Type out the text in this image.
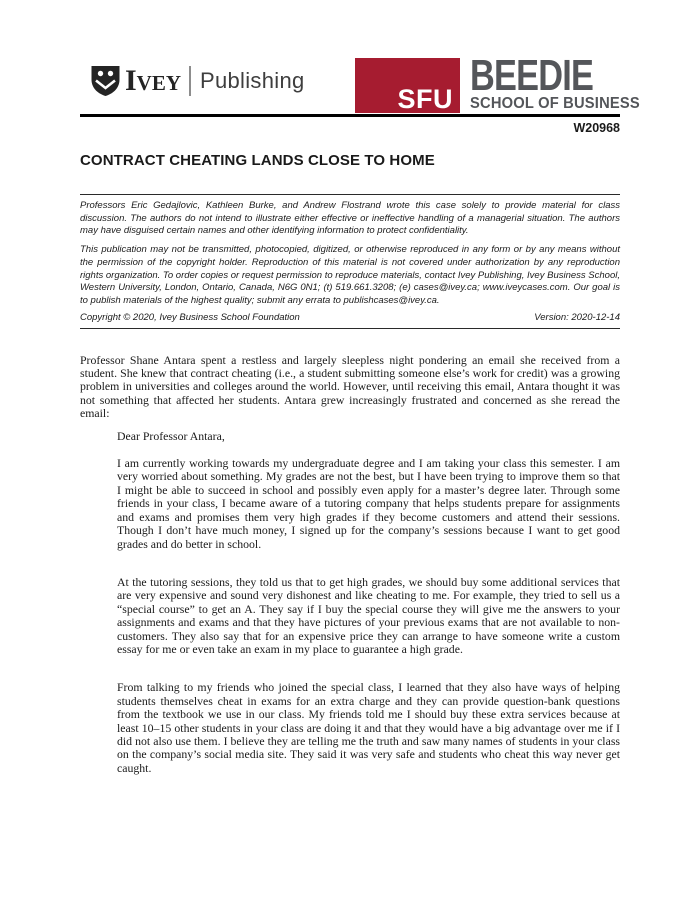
Ivey Publishing
SFU BEEDIE
SCHOOL OF BUSINESS
W20968
CONTRACT CHEATING LANDS CLOSE TO HOME

Professors Eric Gedajlovic, Kathleen Burke, and Andrew Flostrand wrote this case solely to provide material for class discussion. The authors do not intend to illustrate either effective or ineffective handling of a managerial situation. The authors may have disguised certain names and other identifying information to protect confidentiality.

This publication may not be transmitted, photocopied, digitized, or otherwise reproduced in any form or by any means without the permission of the copyright holder. Reproduction of this material is not covered under authorization by any reproduction rights organization. To order copies or request permission to reproduce materials, contact Ivey Publishing, Ivey Business School, Western University, London, Ontario, Canada, N6G 0N1; (t) 519.661.3208; (e) cases@ivey.ca; www.iveycases.com. Our goal is to publish materials of the highest quality; submit any errata to publishcases@ivey.ca.

Copyright © 2020, Ivey Business School Foundation	Version: 2020-12-14

Professor Shane Antara spent a restless and largely sleepless night pondering an email she received from a student. She knew that contract cheating (i.e., a student submitting someone else’s work for credit) was a growing problem in universities and colleges around the world. However, until receiving this email, Antara thought it was not something that affected her students. Antara grew increasingly frustrated and concerned as she reread the email:

Dear Professor Antara,

I am currently working towards my undergraduate degree and I am taking your class this semester. I am very worried about something. My grades are not the best, but I have been trying to improve them so that I might be able to succeed in school and possibly even apply for a master’s degree later. Through some friends in your class, I became aware of a tutoring company that helps students prepare for assignments and exams and promises them very high grades if they become customers and attend their sessions. Though I don’t have much money, I signed up for the company’s sessions because I want to get good grades and do better in school.

At the tutoring sessions, they told us that to get high grades, we should buy some additional services that are very expensive and sound very dishonest and like cheating to me. For example, they tried to sell us a “special course” to get an A. They say if I buy the special course they will give me the answers to your assignments and exams and that they have pictures of your previous exams that are not available to non-customers. They also say that for an expensive price they can arrange to have someone write a custom essay for me or even take an exam in my place to guarantee a high grade.

From talking to my friends who joined the special class, I learned that they also have ways of helping students themselves cheat in exams for an extra charge and they can provide question-bank questions from the textbook we use in our class. My friends told me I should buy these extra services because at least 10–15 other students in your class are doing it and that they would have a big advantage over me if I did not also use them. I believe they are telling me the truth and saw many names of students in your class on the company’s social media site. They said it was very safe and students who cheat this way never get caught.
